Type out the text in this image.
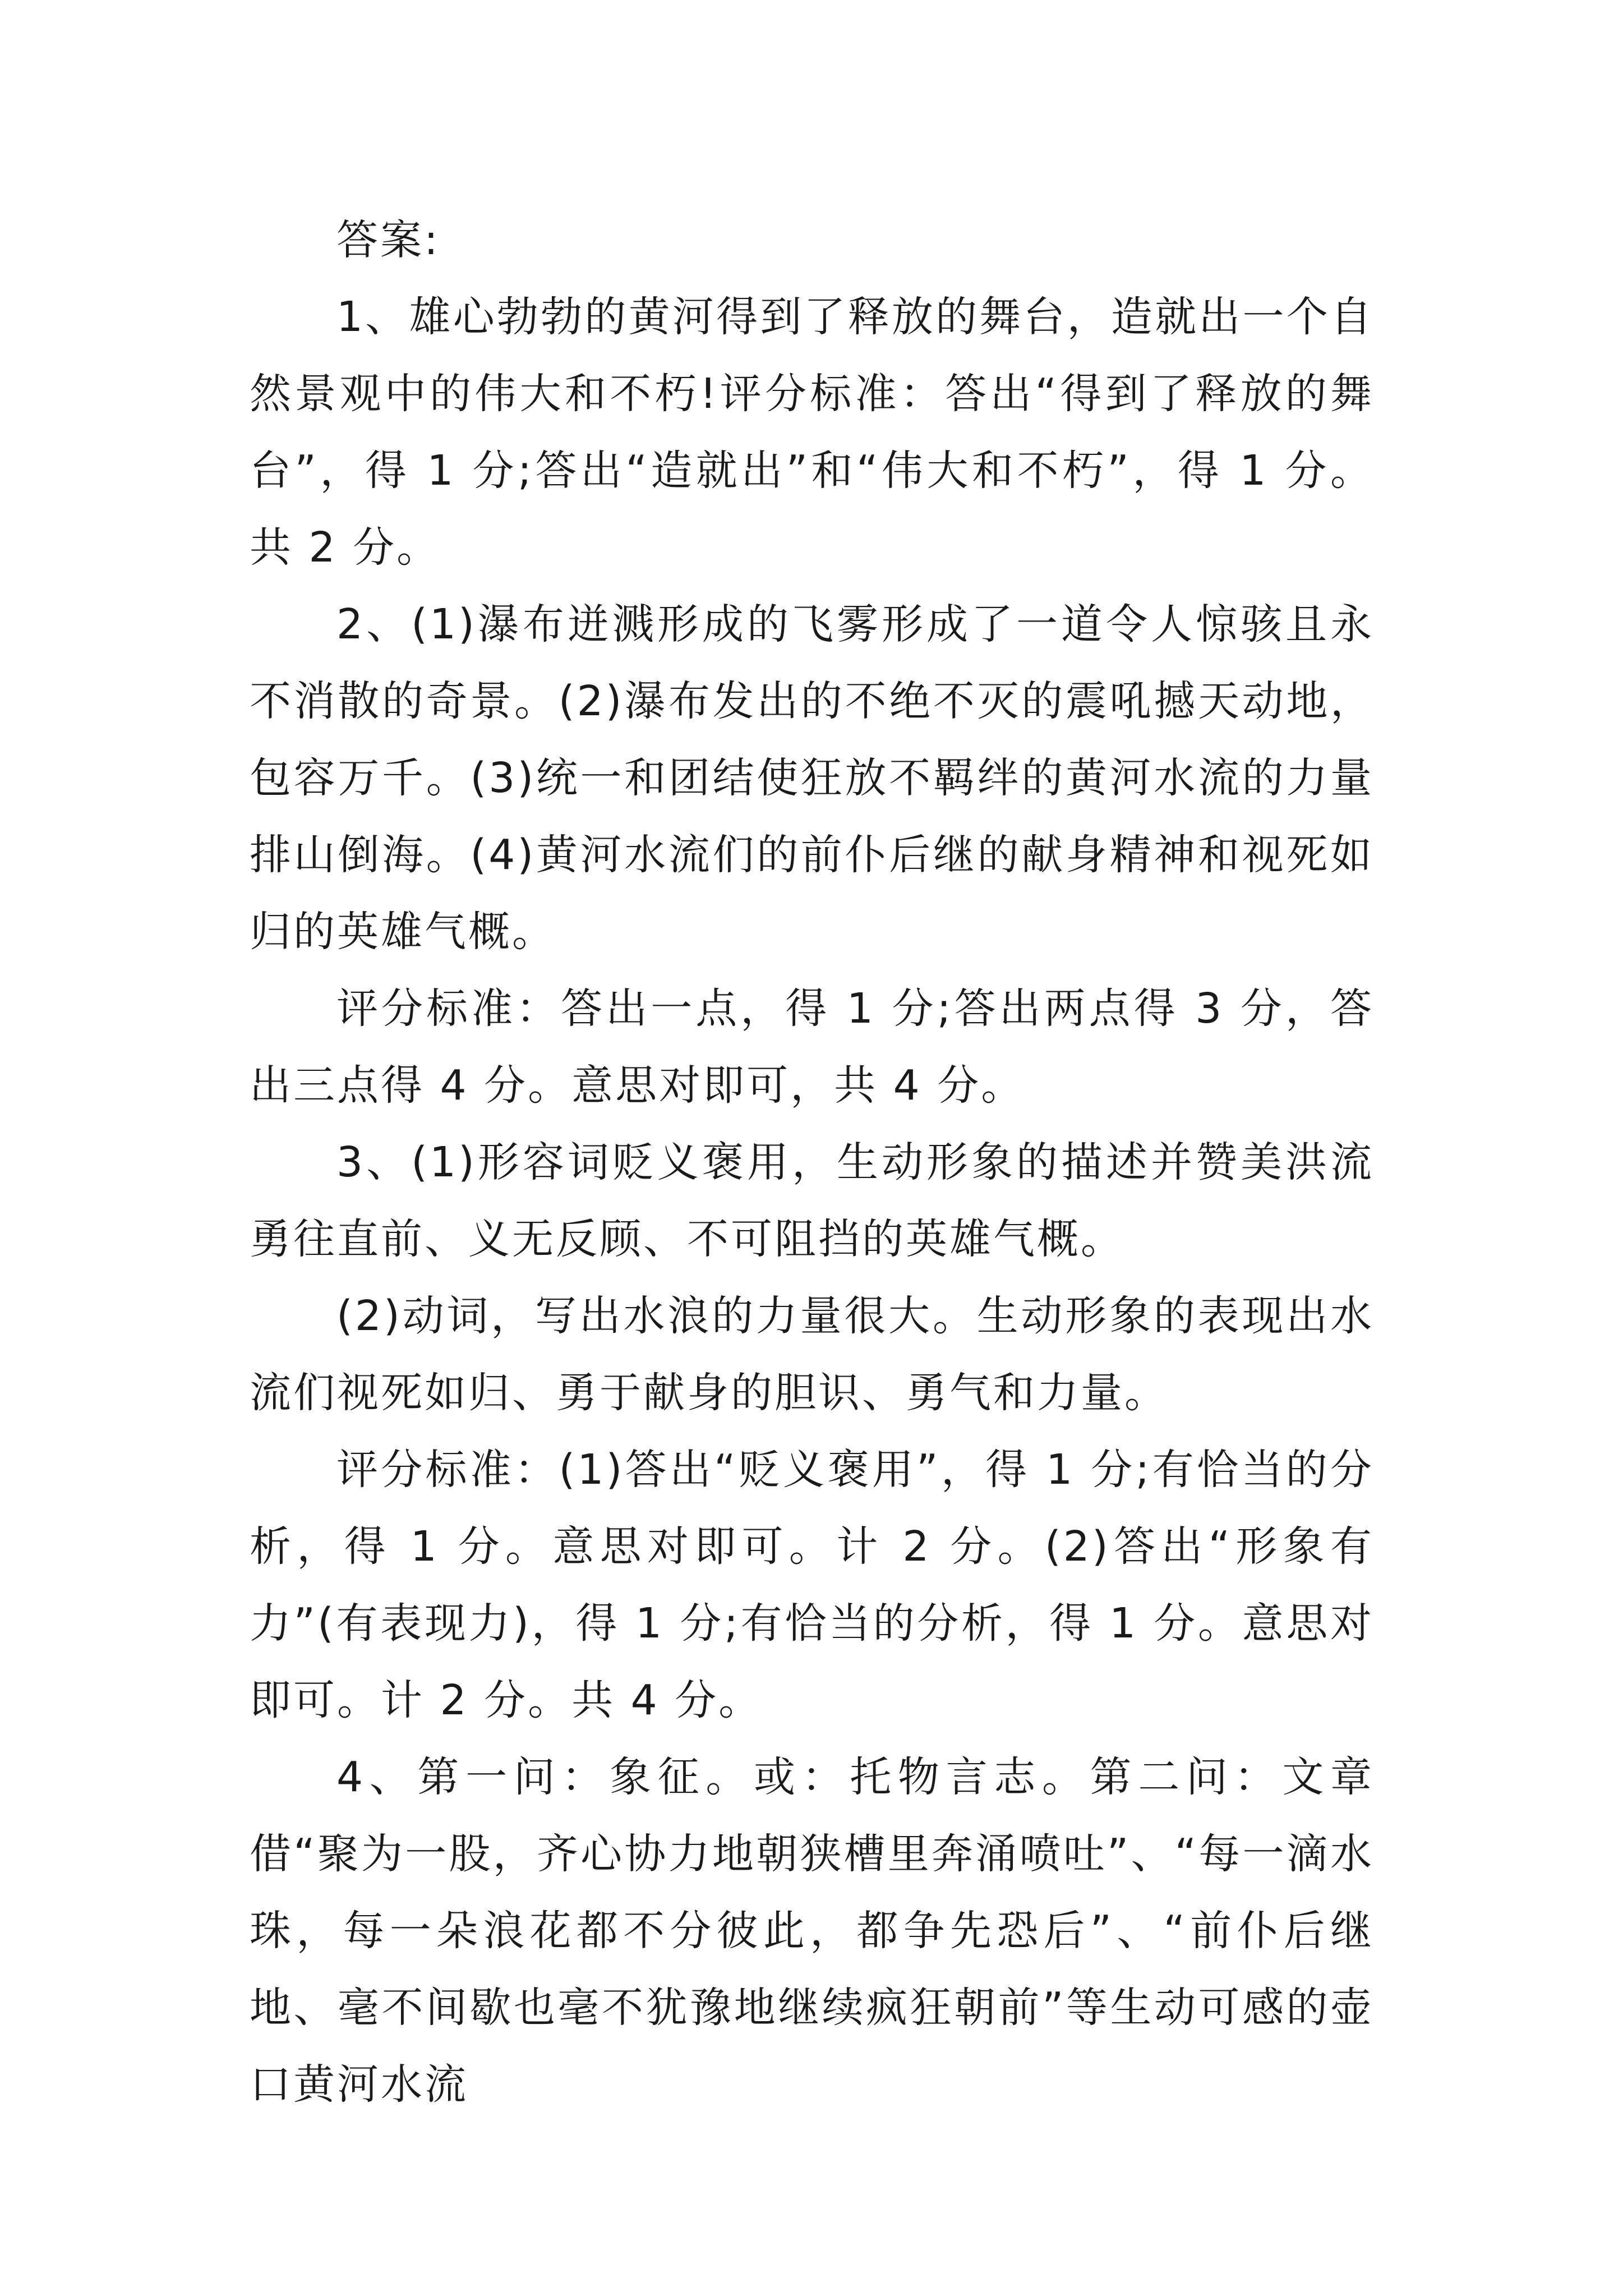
答案:

1、雄心勃勃的黄河得到了释放的舞台，造就出一个自然景观中的伟大和不朽!评分标准：答出“得到了释放的舞台”，得 1 分;答出“造就出”和“伟大和不朽”，得 1 分。共 2 分。

2、(1)瀑布迸溅形成的飞雾形成了一道令人惊骇且永不消散的奇景。(2)瀑布发出的不绝不灭的震吼撼天动地，包容万千。(3)统一和团结使狂放不羁绊的黄河水流的力量排山倒海。(4)黄河水流们的前仆后继的献身精神和视死如归的英雄气概。

评分标准：答出一点，得 1 分;答出两点得 3 分，答出三点得 4 分。意思对即可，共 4 分。

3、(1)形容词贬义褒用，生动形象的描述并赞美洪流勇往直前、义无反顾、不可阻挡的英雄气概。

(2)动词，写出水浪的力量很大。生动形象的表现出水流们视死如归、勇于献身的胆识、勇气和力量。

评分标准：(1)答出“贬义褒用”，得 1 分;有恰当的分析，得 1 分。意思对即可。计 2 分。(2)答出“形象有力”(有表现力)，得 1 分;有恰当的分析，得 1 分。意思对即可。计 2 分。共 4 分。

4、第一问：象征。或：托物言志。第二问：文章借“聚为一股，齐心协力地朝狭槽里奔涌喷吐”、“每一滴水珠，每一朵浪花都不分彼此，都争先恐后”、“前仆后继地、毫不间歇也毫不犹豫地继续疯狂朝前”等生动可感的壶口黄河水流
